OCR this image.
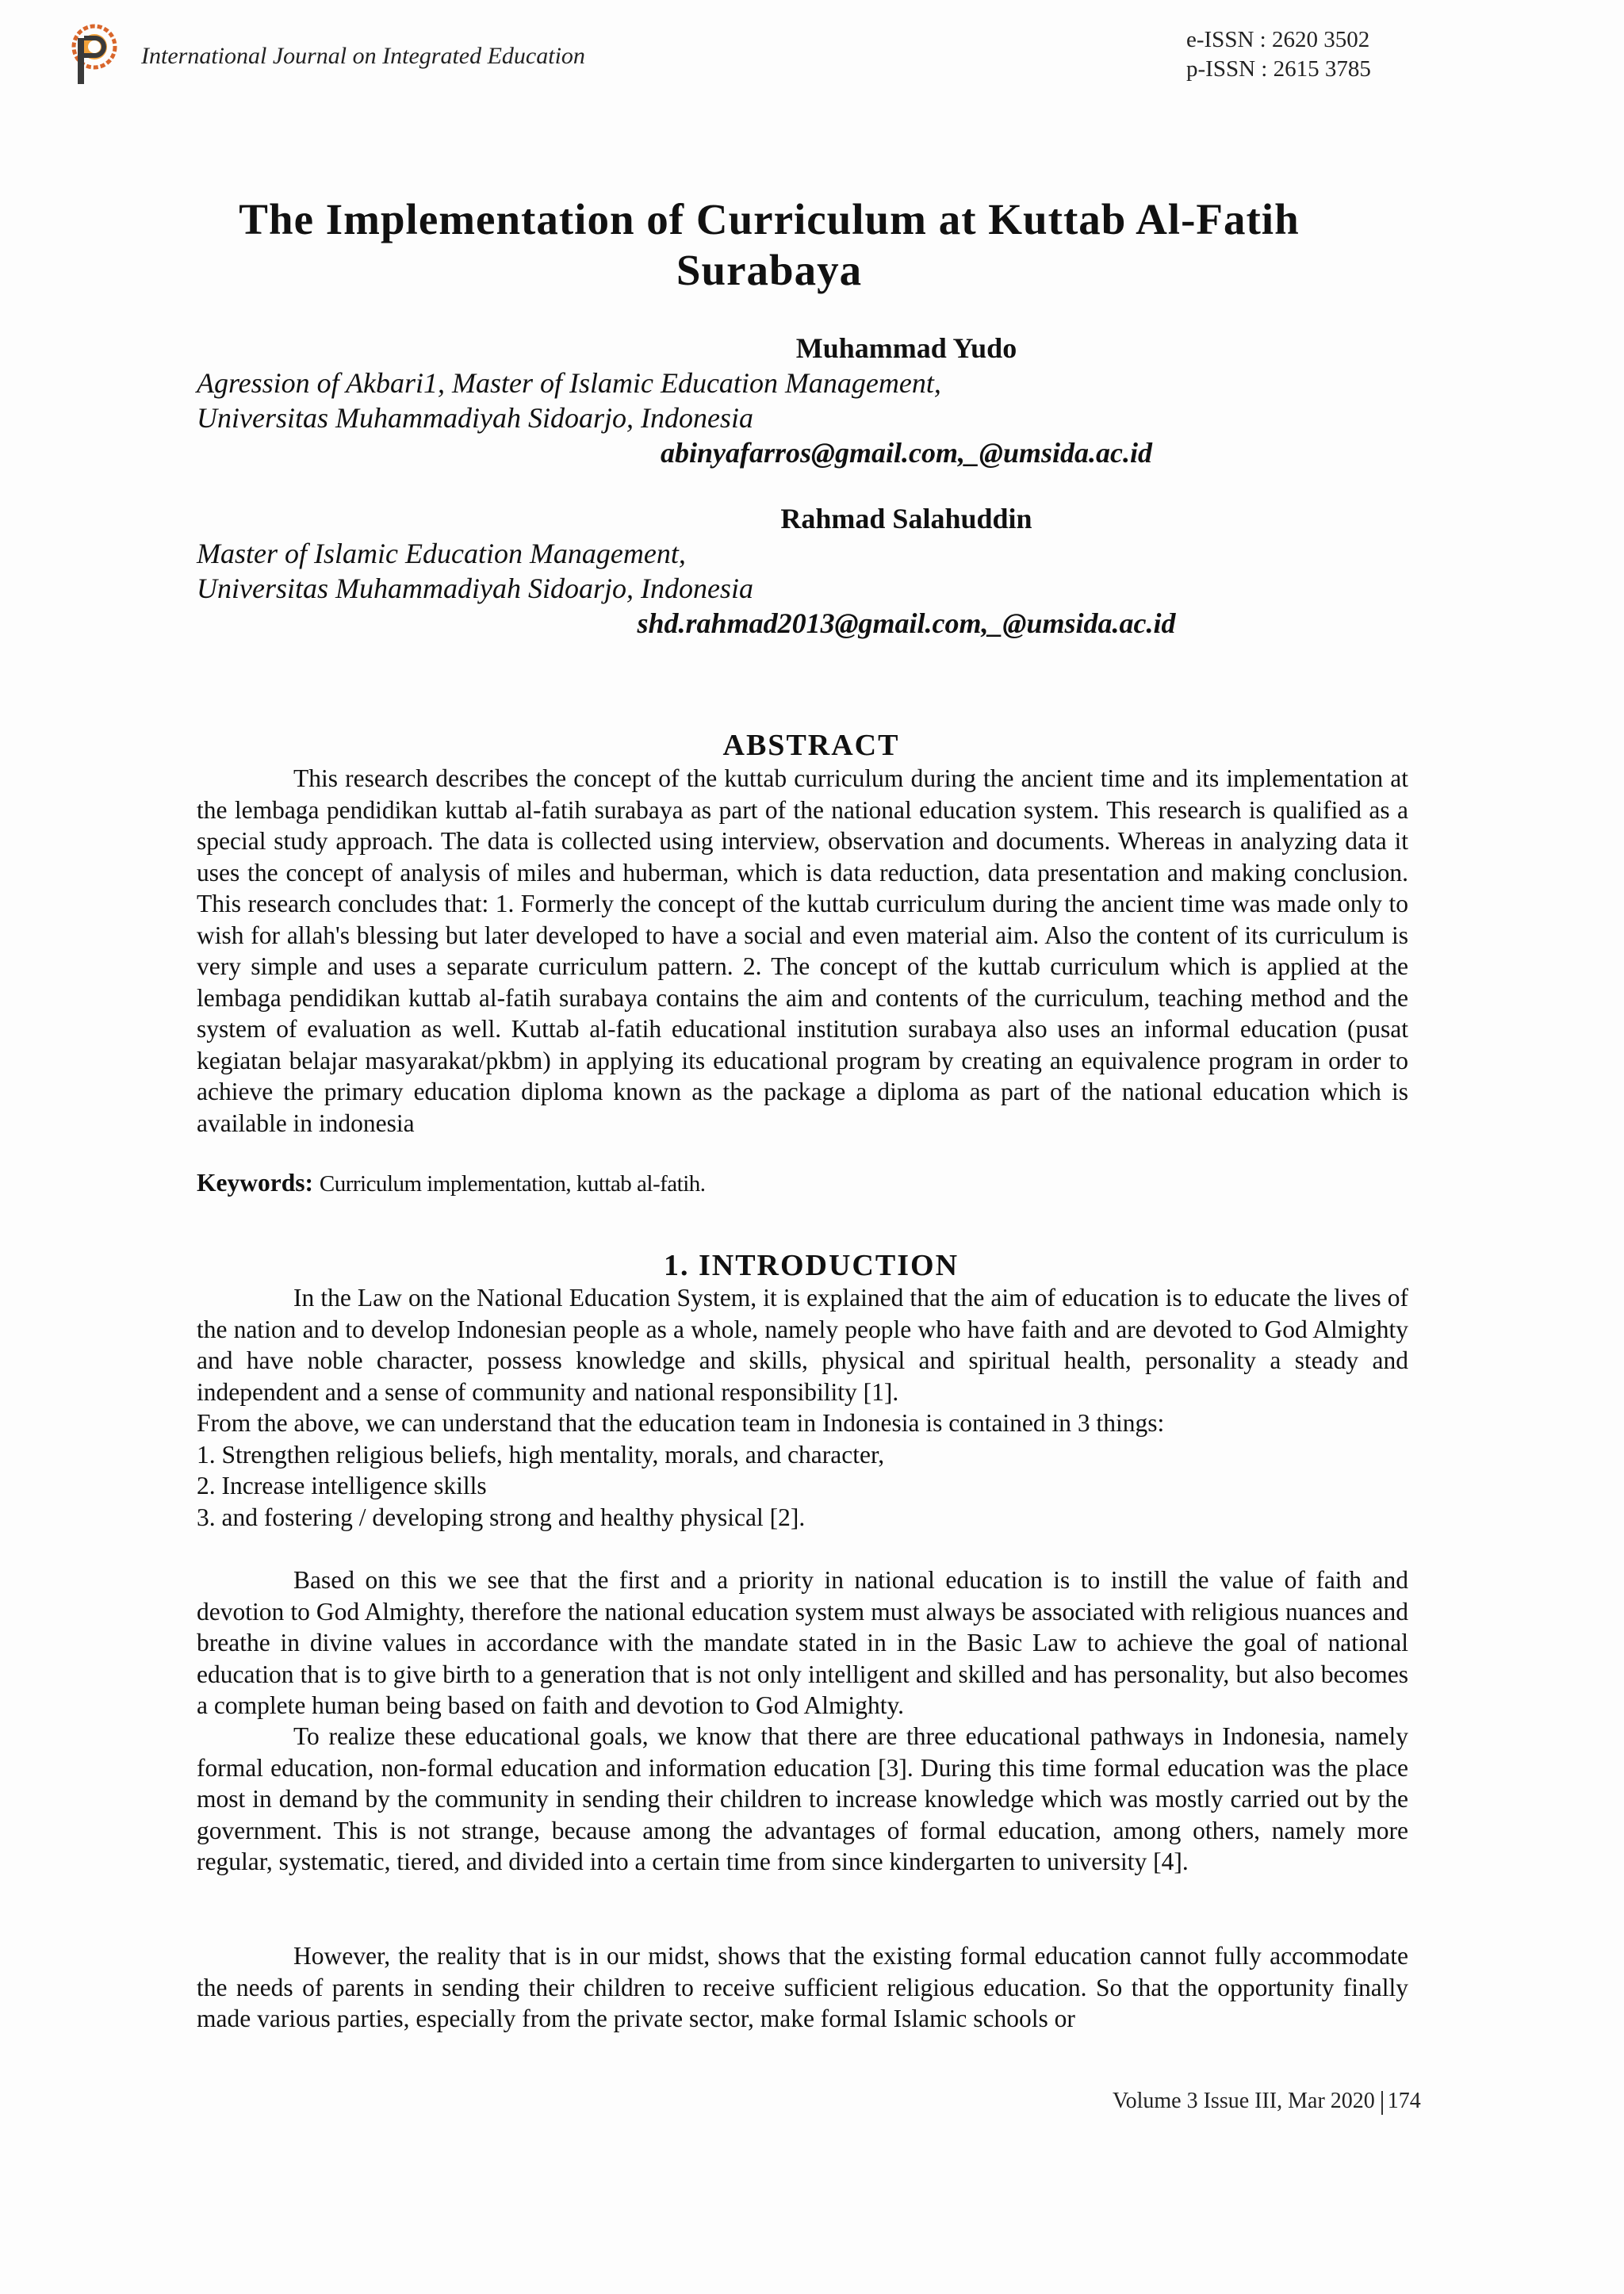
International Journal on Integrated Education
e-ISSN : 2620 3502
p-ISSN : 2615 3785
The Implementation of Curriculum at Kuttab Al-Fatih
Surabaya
Muhammad Yudo
Agression of Akbari1, Master of Islamic Education Management,
Universitas Muhammadiyah Sidoarjo, Indonesia
abinyafarros@gmail.com,_@umsida.ac.id
Rahmad Salahuddin
Master of Islamic Education Management,
Universitas Muhammadiyah Sidoarjo, Indonesia
shd.rahmad2013@gmail.com,_@umsida.ac.id
ABSTRACT

This research describes the concept of the kuttab curriculum during the ancient time and its implementation at the lembaga pendidikan kuttab al-fatih surabaya as part of the national education system. This research is qualified as a special study approach. The data is collected using interview, observation and documents. Whereas in analyzing data it uses the concept of analysis of miles and huberman, which is data reduction, data presentation and making conclusion. This research concludes that: 1. Formerly the concept of the kuttab curriculum during the ancient time was made only to wish for allah's blessing but later developed to have a social and even material aim. Also the content of its curriculum is very simple and uses a separate curriculum pattern. 2. The concept of the kuttab curriculum which is applied at the lembaga pendidikan kuttab al-fatih surabaya contains the aim and contents of the curriculum, teaching method and the system of evaluation as well. Kuttab al-fatih educational institution surabaya also uses an informal education (pusat kegiatan belajar masyarakat/pkbm) in applying its educational program by creating an equivalence program in order to achieve the primary education diploma known as the package a diploma as part of the national education which is available in indonesia

Keywords: Curriculum implementation, kuttab al-fatih.

1. INTRODUCTION

In the Law on the National Education System, it is explained that the aim of education is to educate the lives of the nation and to develop Indonesian people as a whole, namely people who have faith and are devoted to God Almighty and have noble character, possess knowledge and skills, physical and spiritual health, personality a steady and independent and a sense of community and national responsibility [1].

From the above, we can understand that the education team in Indonesia is contained in 3 things:

1. Strengthen religious beliefs, high mentality, morals, and character,

2. Increase intelligence skills

3. and fostering / developing strong and healthy physical [2].

Based on this we see that the first and a priority in national education is to instill the value of faith and devotion to God Almighty, therefore the national education system must always be associated with religious nuances and breathe in divine values in accordance with the mandate stated in in the Basic Law to achieve the goal of national education that is to give birth to a generation that is not only intelligent and skilled and has personality, but also becomes a complete human being based on faith and devotion to God Almighty.

To realize these educational goals, we know that there are three educational pathways in Indonesia, namely formal education, non-formal education and information education [3]. During this time formal education was the place most in demand by the community in sending their children to increase knowledge which was mostly carried out by the government. This is not strange, because among the advantages of formal education, among others, namely more regular, systematic, tiered, and divided into a certain time from since kindergarten to university [4].

However, the reality that is in our midst, shows that the existing formal education cannot fully accommodate the needs of parents in sending their children to receive sufficient religious education. So that the opportunity finally made various parties, especially from the private sector, make formal Islamic schools or

Volume 3 Issue III, Mar 2020 174
